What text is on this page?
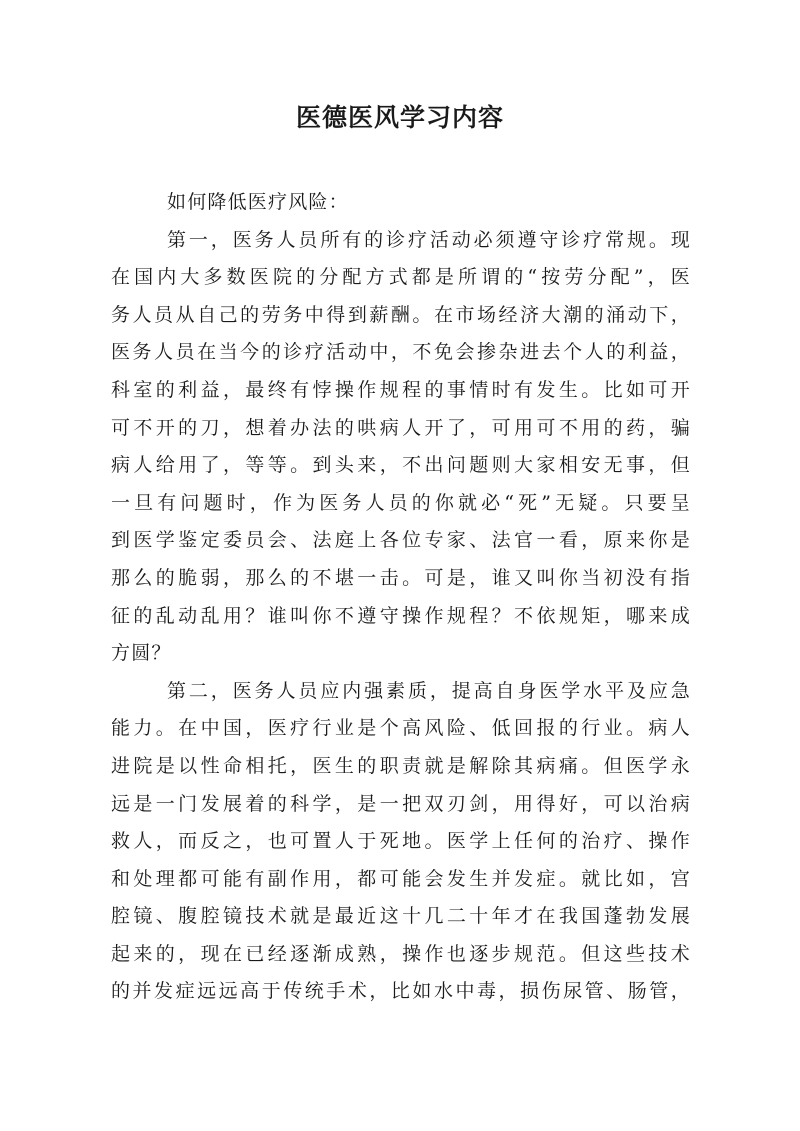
医德医风学习内容
如何降低医疗风险：
第一，医务人员所有的诊疗活动必须遵守诊疗常规。现
在国内大多数医院的分配方式都是所谓的“按劳分配”，医
务人员从自己的劳务中得到薪酬。在市场经济大潮的涌动下，
医务人员在当今的诊疗活动中，不免会掺杂进去个人的利益，
科室的利益，最终有悖操作规程的事情时有发生。比如可开
可不开的刀，想着办法的哄病人开了，可用可不用的药，骗
病人给用了，等等。到头来，不出问题则大家相安无事，但
一旦有问题时，作为医务人员的你就必“死”无疑。只要呈
到医学鉴定委员会、法庭上各位专家、法官一看，原来你是
那么的脆弱，那么的不堪一击。可是，谁又叫你当初没有指
征的乱动乱用？谁叫你不遵守操作规程？不依规矩，哪来成
方圆？
第二，医务人员应内强素质，提高自身医学水平及应急
能力。在中国，医疗行业是个高风险、低回报的行业。病人
进院是以性命相托，医生的职责就是解除其病痛。但医学永
远是一门发展着的科学，是一把双刃剑，用得好，可以治病
救人，而反之，也可置人于死地。医学上任何的治疗、操作
和处理都可能有副作用，都可能会发生并发症。就比如，宫
腔镜、腹腔镜技术就是最近这十几二十年才在我国蓬勃发展
起来的，现在已经逐渐成熟，操作也逐步规范。但这些技术
的并发症远远高于传统手术，比如水中毒，损伤尿管、肠管，
